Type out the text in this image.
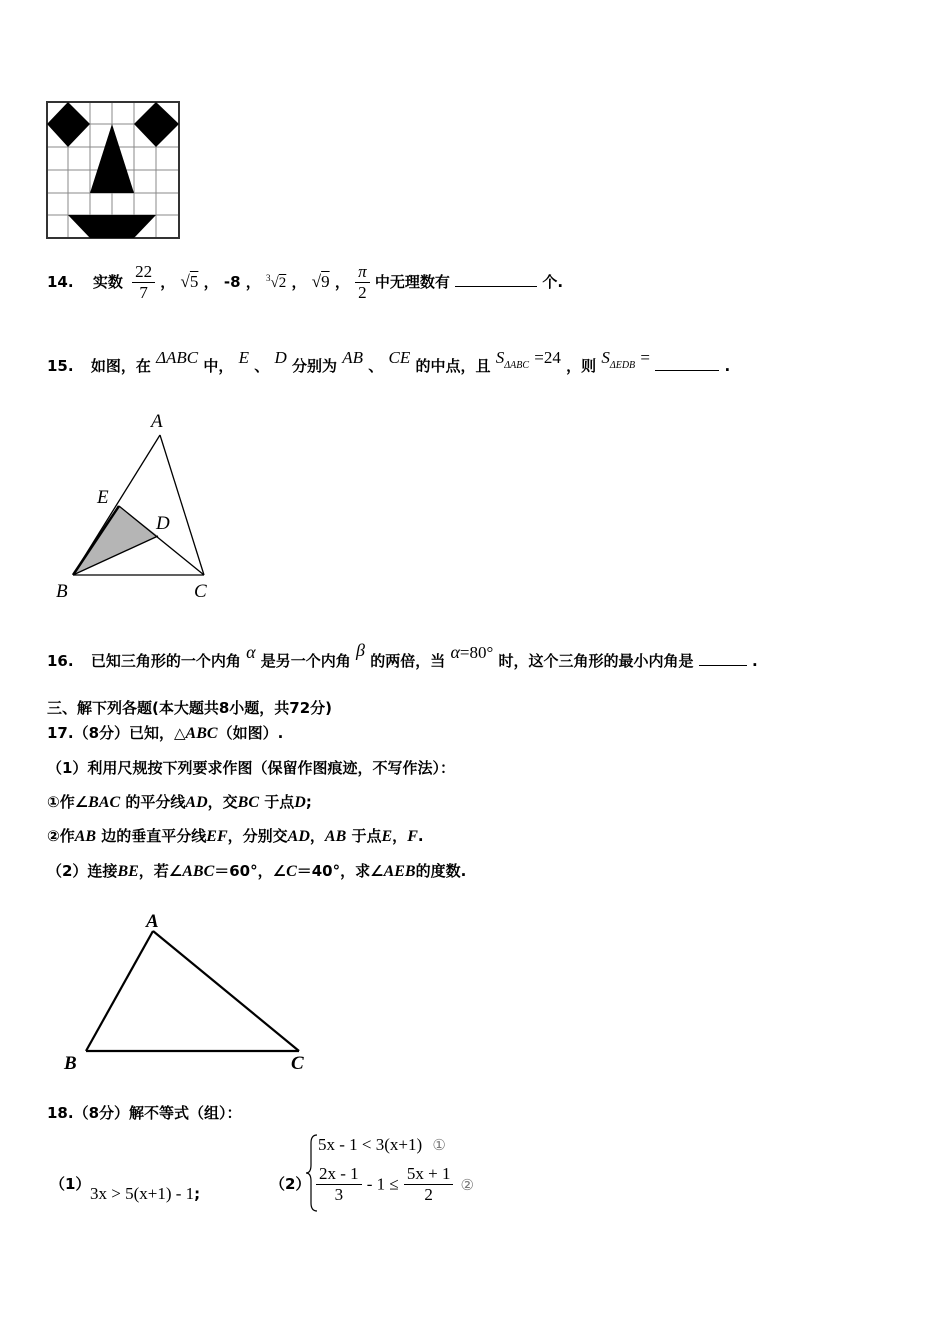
14. 实数 $\frac{22}{7}$ ， √5 ， -8 ， $^3$√2 ， √9 ， $\frac{\pi}{2}$ 中无理数有	个.
15. 如图，在 ΔABC 中， E 、 D 分别为 AB 、 CE 的中点，且 $S_{\Delta ABC} =24$ ，则 $S_{\Delta EDB}$ =	.
A
E
D
B	C
16. 已知三角形的一个内角 α 是另一个内角 β 的两倍，当 α=80° 时，这个三角形的最小内角是	.
三、解下列各题(本大题共8小题，共72分)
17.（8分）已知，△ABC（如图）.
（1）利用尺规按下列要求作图（保留作图痕迹，不写作法）：
①作∠BAC 的平分线AD，交BC 于点D;
②作AB 边的垂直平分线EF，分别交AD，AB 于点E，F.
（2）连接BE，若∠ABC＝60°，∠C＝40°，求∠AEB的度数.
A
B	C
18.（8分）解不等式（组）：
（1） 3x > 5(x+1) - 1;
（2）
5x - 1 < 3(x+1) ①
$\frac{2x - 1}{3} - 1 \le \frac{5x + 1}{2}$ ②
